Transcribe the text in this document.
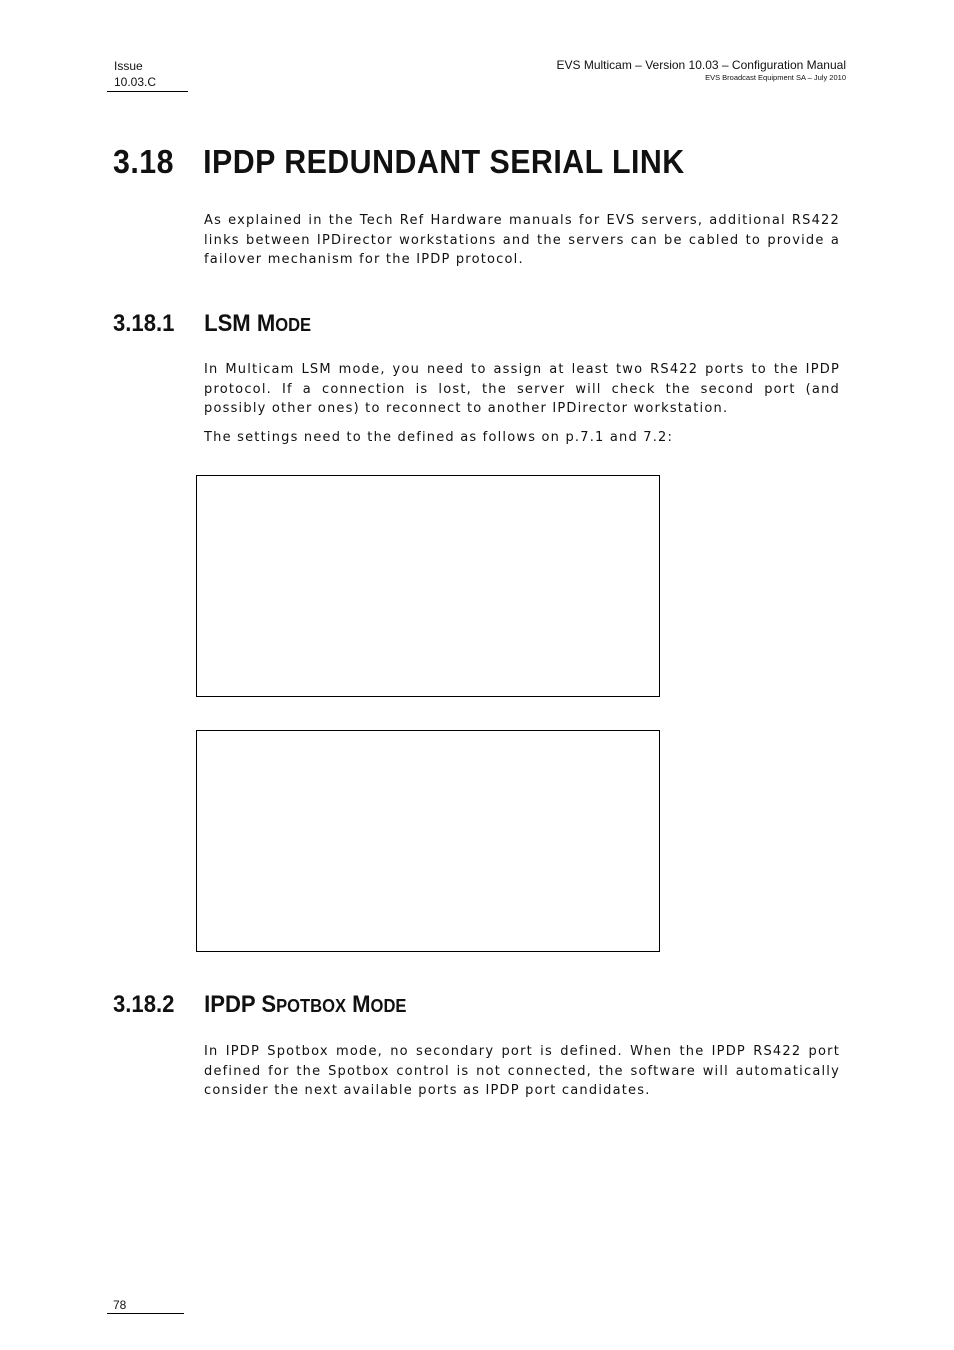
Issue
10.03.C
EVS Multicam – Version 10.03 – Configuration Manual
EVS Broadcast Equipment SA – July 2010
3.18 IPDP REDUNDANT SERIAL LINK

As explained in the Tech Ref Hardware manuals for EVS servers, additional RS422 links between IPDirector workstations and the servers can be cabled to provide a failover mechanism for the IPDP protocol.

3.18.1 LSM MODE

In Multicam LSM mode, you need to assign at least two RS422 ports to the IPDP protocol. If a connection is lost, the server will check the second port (and possibly other ones) to reconnect to another IPDirector workstation.

The settings need to the defined as follows on p.7.1 and 7.2:

3.18.2 IPDP SPOTBOX MODE

In IPDP Spotbox mode, no secondary port is defined. When the IPDP RS422 port defined for the Spotbox control is not connected, the software will automatically consider the next available ports as IPDP port candidates.

78
